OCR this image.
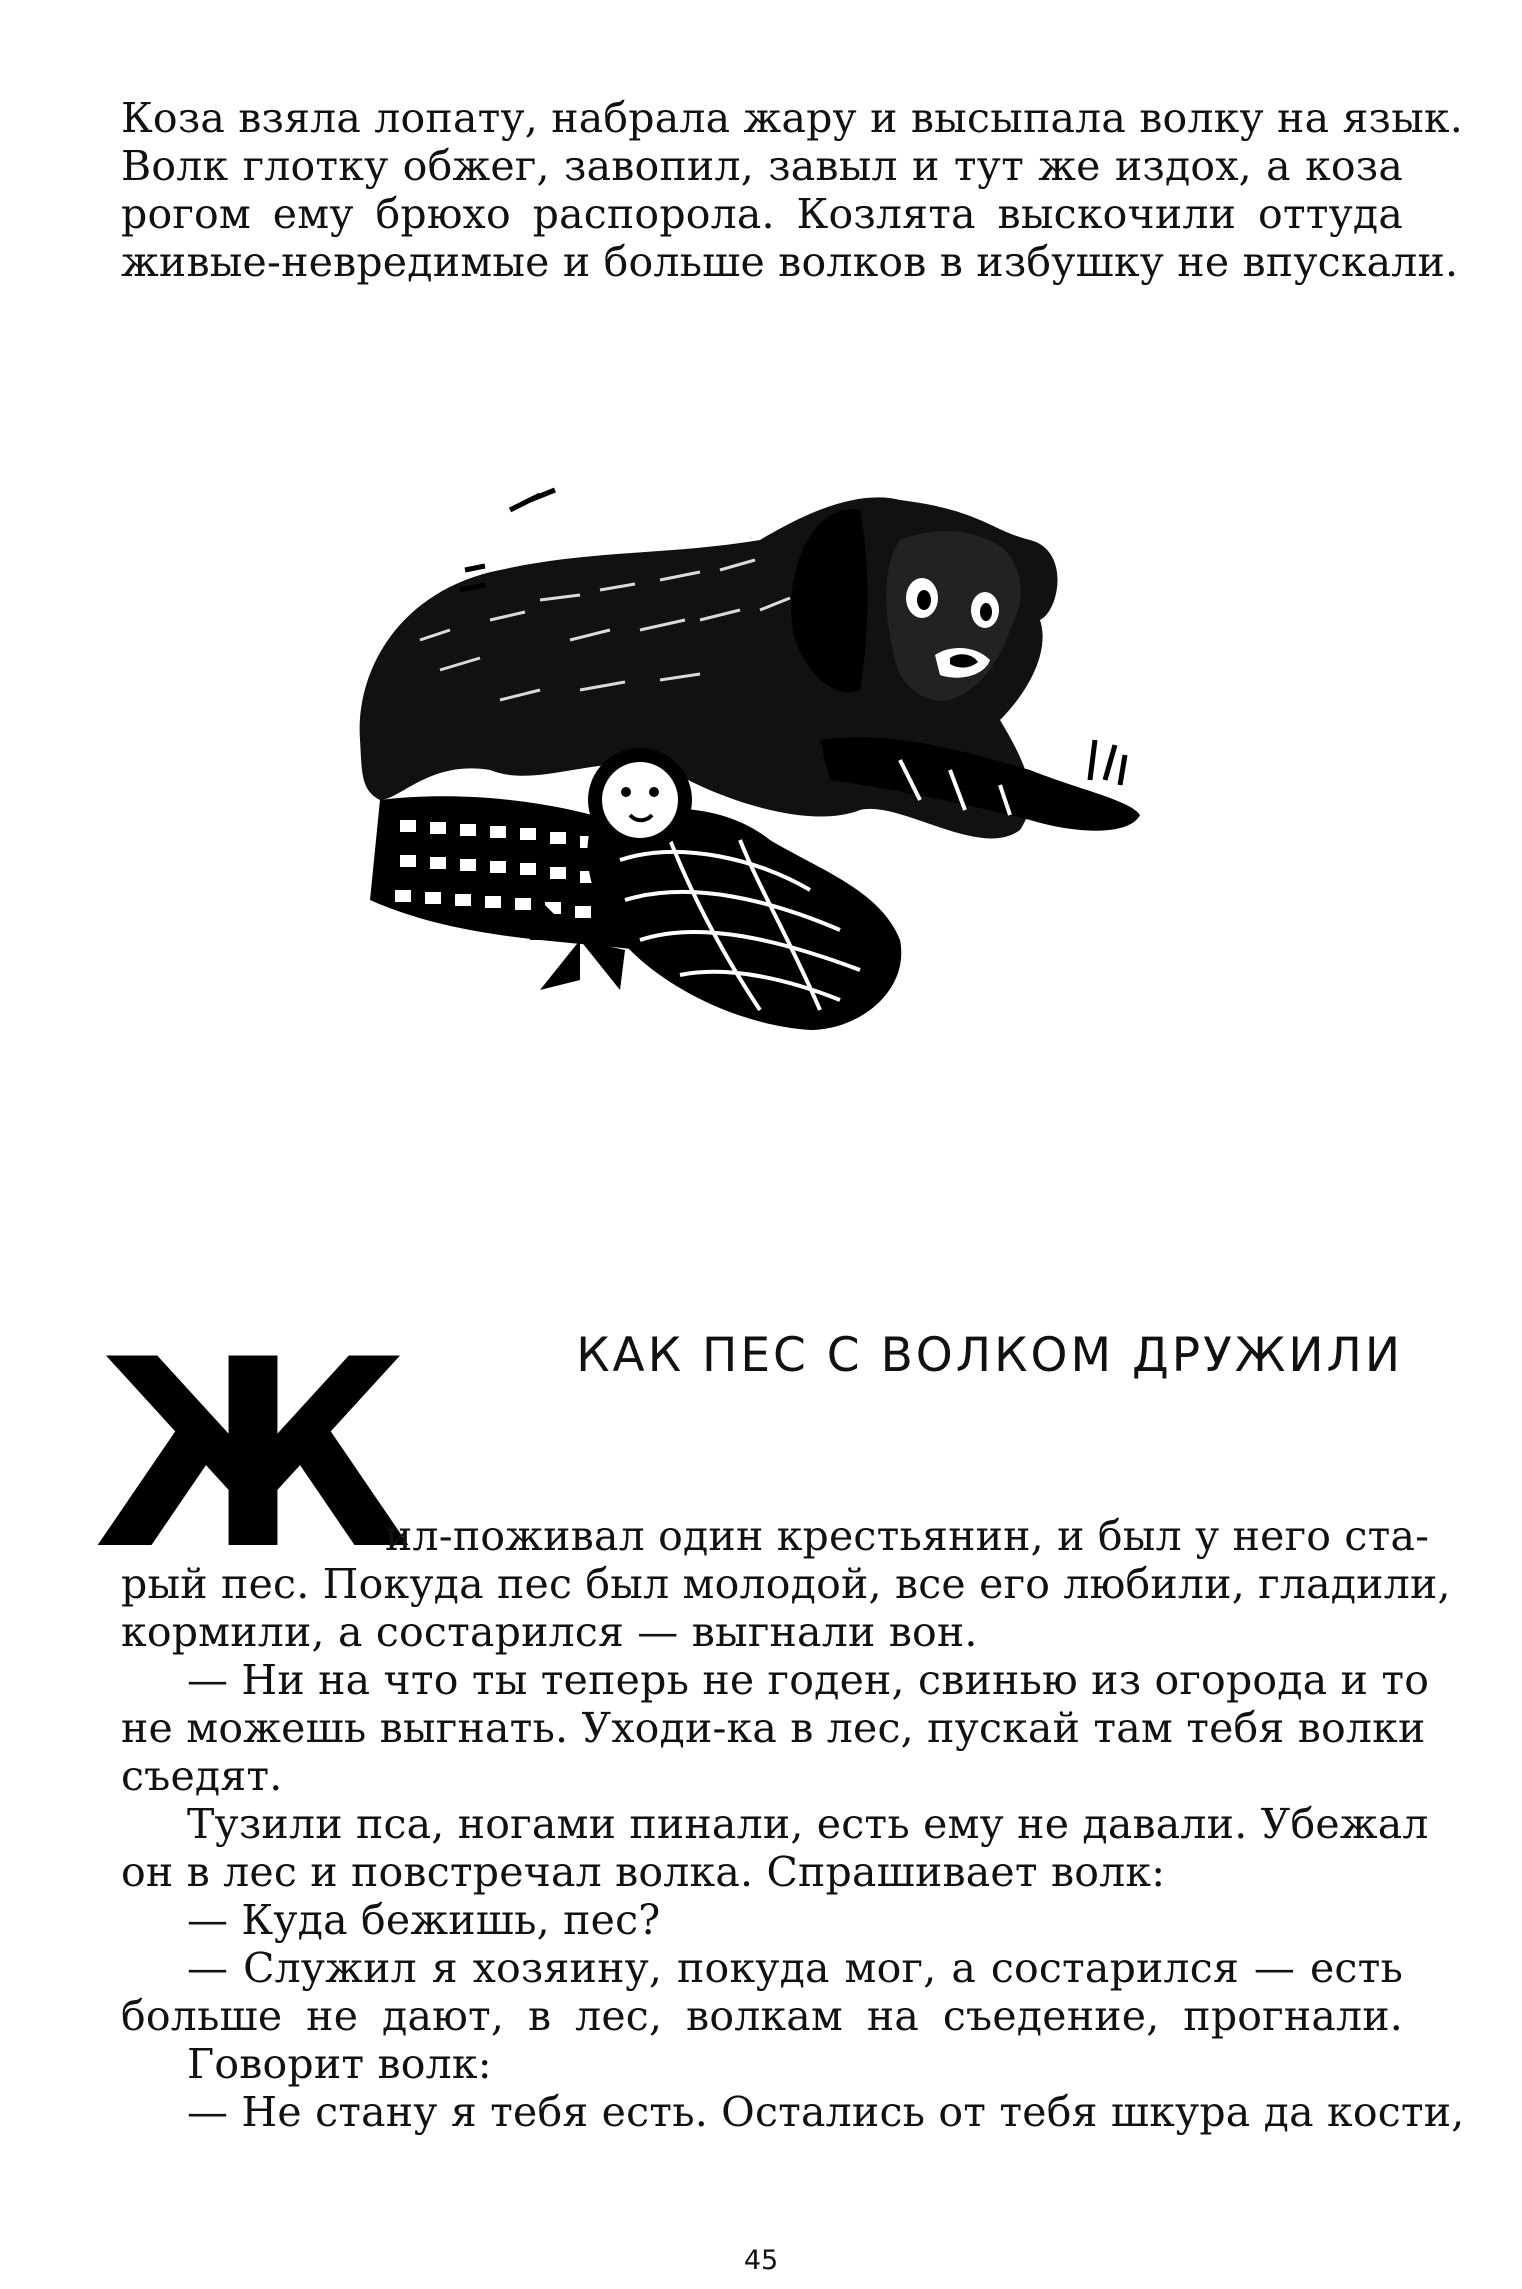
Коза взяла лопату, набрала жару и высыпала волку на язык.
Волк глотку обжег, завопил, завыл и тут же издох, а коза
рогом ему брюхо распорола. Козлята выскочили оттуда
живые-невредимые и больше волков в избушку не впускали.
КАК ПЕС С ВОЛКОМ ДРУЖИЛИ
Ж
ил-поживал один крестьянин, и был у него ста-
рый пес. Покуда пес был молодой, все его любили, гладили,
кормили, а состарился — выгнали вон.
— Ни на что ты теперь не годен, свинью из огорода и то
не можешь выгнать. Уходи-ка в лес, пускай там тебя волки
съедят.
Тузили пса, ногами пинали, есть ему не давали. Убежал
он в лес и повстречал волка. Спрашивает волк:
— Куда бежишь, пес?
— Служил я хозяину, покуда мог, а состарился — есть
больше не дают, в лес, волкам на съедение, прогнали.
Говорит волк:
— Не стану я тебя есть. Остались от тебя шкура да кости,
45
